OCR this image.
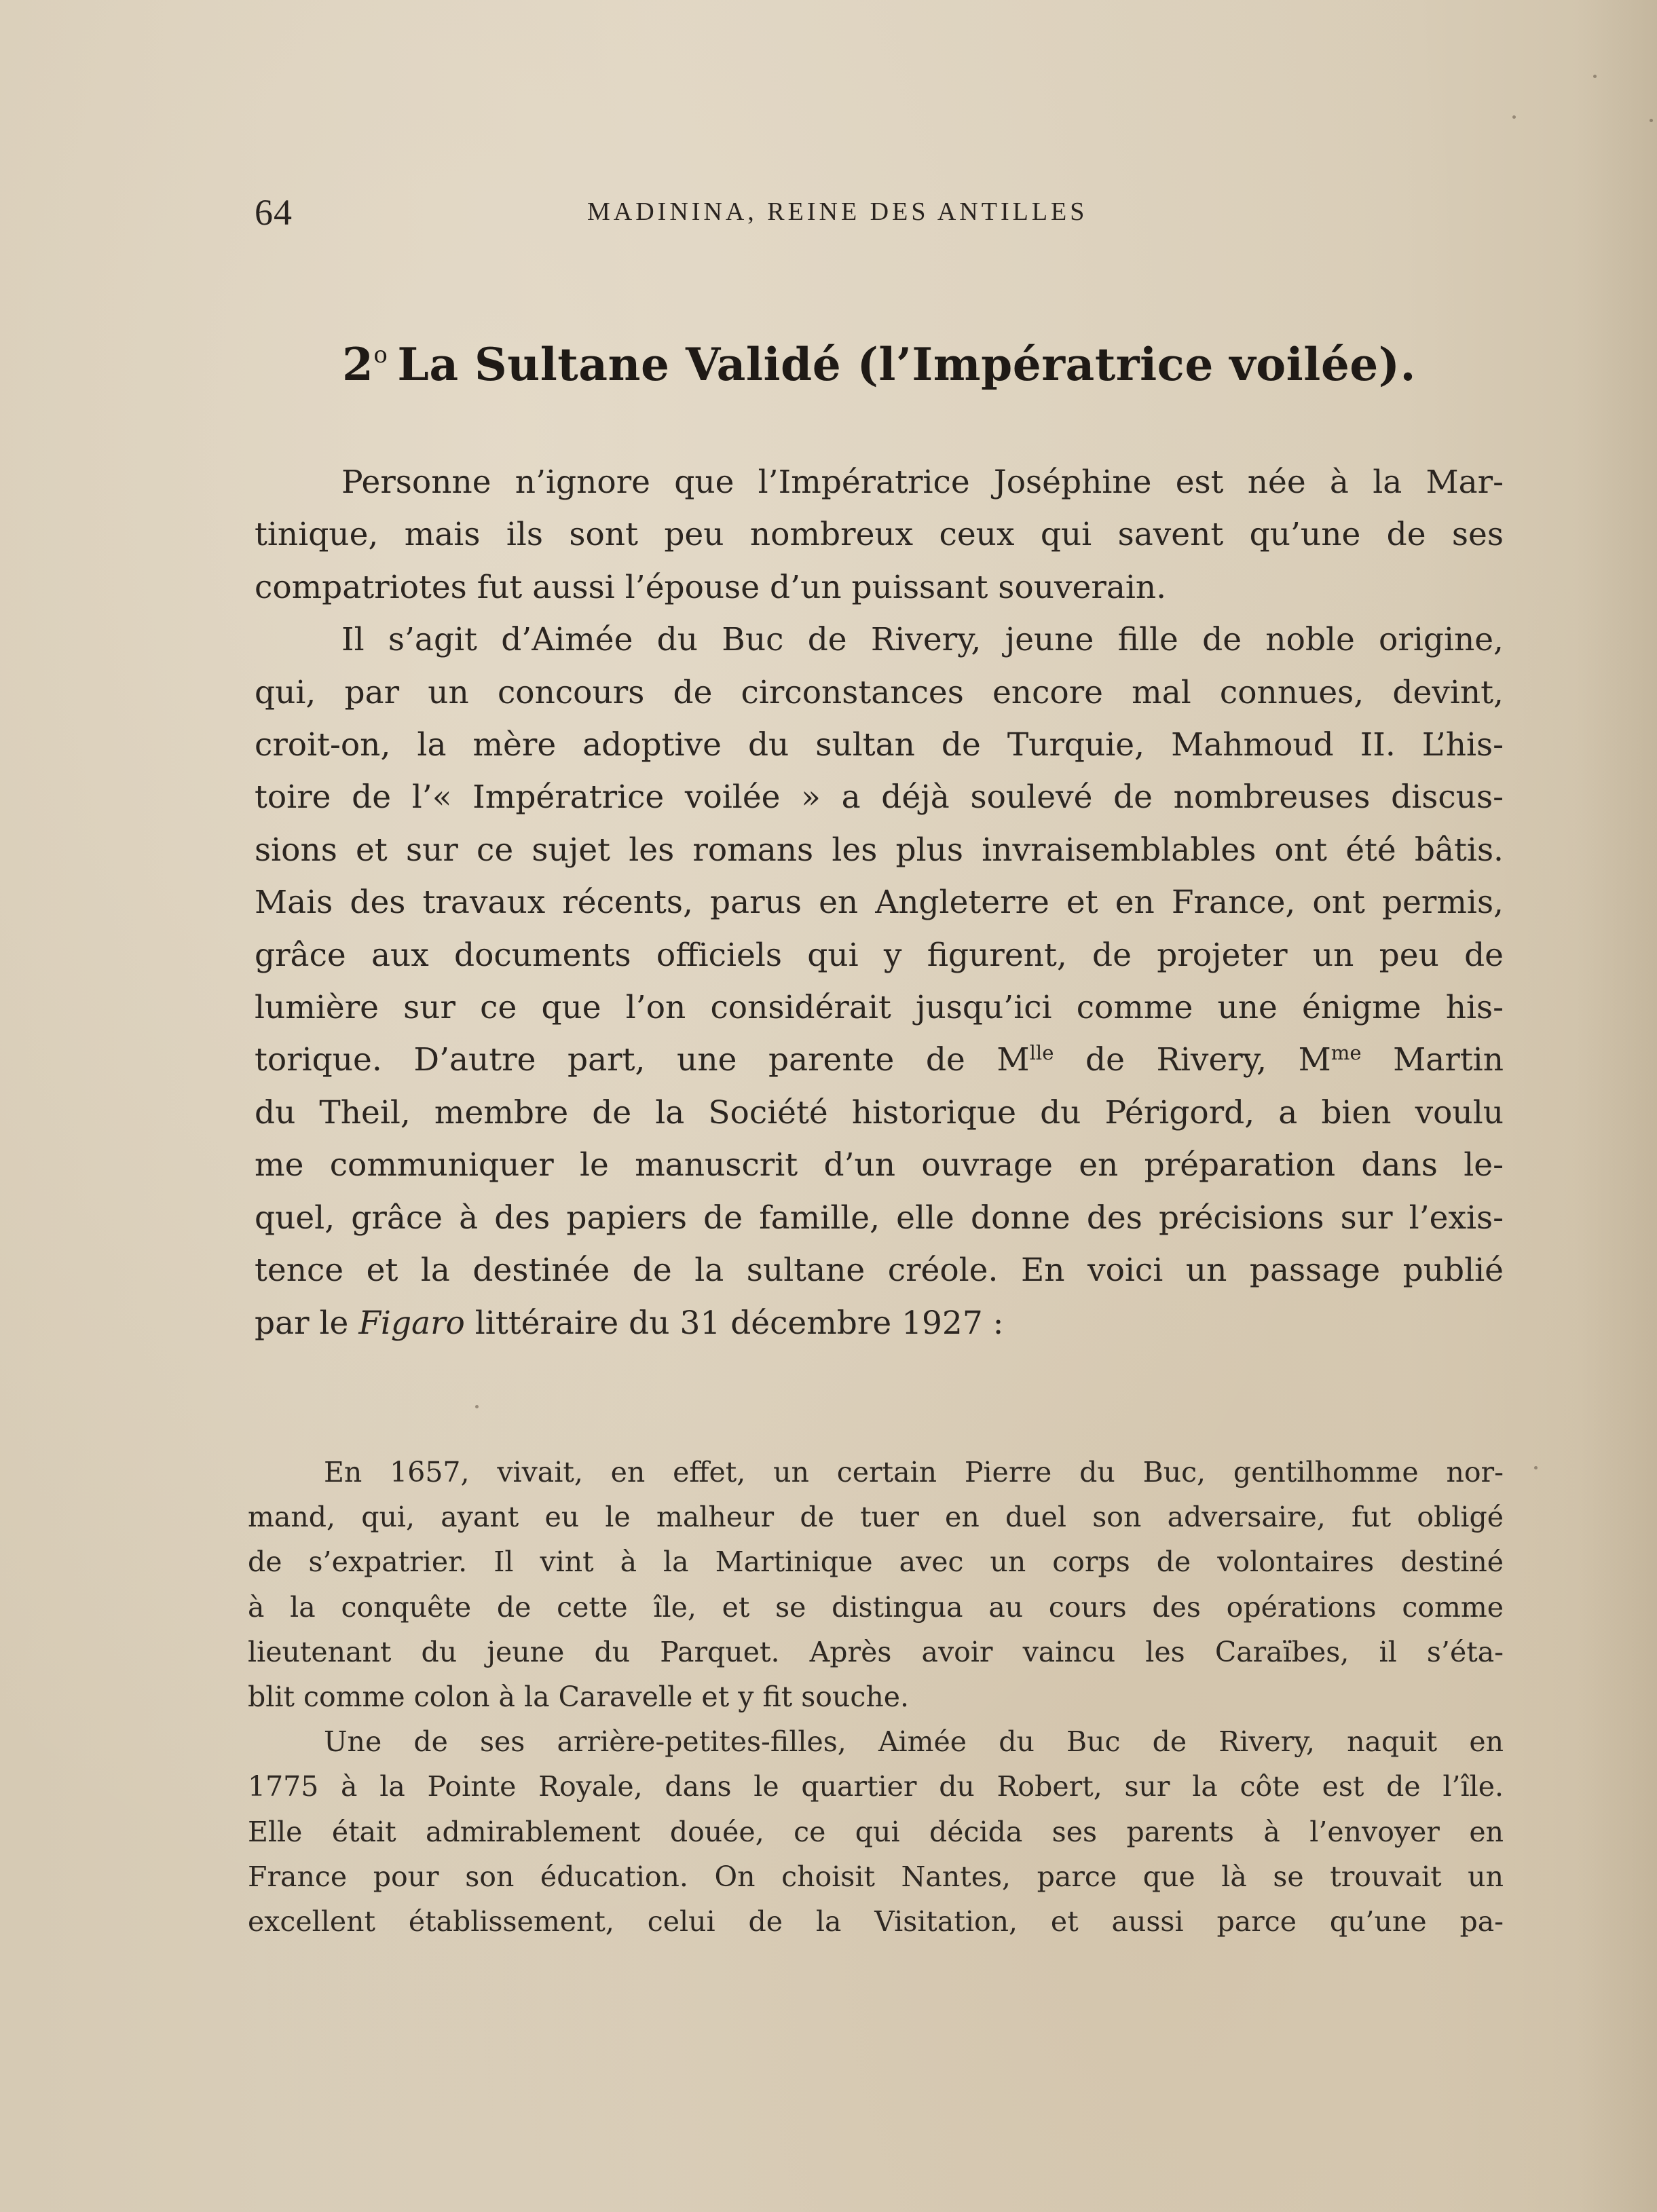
64	MADININA, REINE DES ANTILLES
2$^o$ La Sultane Validé (l’Impératrice voilée).
Personne n’ignore que l’Impératrice Joséphine est née à la Mar-
tinique, mais ils sont peu nombreux ceux qui savent qu’une de ses
compatriotes fut aussi l’épouse d’un puissant souverain.
Il s’agit d’Aimée du Buc de Rivery, jeune fille de noble origine,
qui, par un concours de circonstances encore mal connues, devint,
croit-on, la mère adoptive du sultan de Turquie, Mahmoud II. L’his-
toire de l’« Impératrice voilée » a déjà soulevé de nombreuses discus-
sions et sur ce sujet les romans les plus invraisemblables ont été bâtis.
Mais des travaux récents, parus en Angleterre et en France, ont permis,
grâce aux documents officiels qui y figurent, de projeter un peu de
lumière sur ce que l’on considérait jusqu’ici comme une énigme his-
torique. D’autre part, une parente de $M^{lle}$ de Rivery, $M^{me}$ Martin
du Theil, membre de la Société historique du Périgord, a bien voulu
me communiquer le manuscrit d’un ouvrage en préparation dans le-
quel, grâce à des papiers de famille, elle donne des précisions sur l’exis-
tence et la destinée de la sultane créole. En voici un passage publié
par le Figaro littéraire du 31 décembre 1927 :
En 1657, vivait, en effet, un certain Pierre du Buc, gentilhomme nor-
mand, qui, ayant eu le malheur de tuer en duel son adversaire, fut obligé
de s’expatrier. Il vint à la Martinique avec un corps de volontaires destiné
à la conquête de cette île, et se distingua au cours des opérations comme
lieutenant du jeune du Parquet. Après avoir vaincu les Caraïbes, il s’éta-
blit comme colon à la Caravelle et y fit souche.
Une de ses arrière-petites-filles, Aimée du Buc de Rivery, naquit en
1775 à la Pointe Royale, dans le quartier du Robert, sur la côte est de l’île.
Elle était admirablement douée, ce qui décida ses parents à l’envoyer en
France pour son éducation. On choisit Nantes, parce que là se trouvait un
excellent établissement, celui de la Visitation, et aussi parce qu’une pa-
